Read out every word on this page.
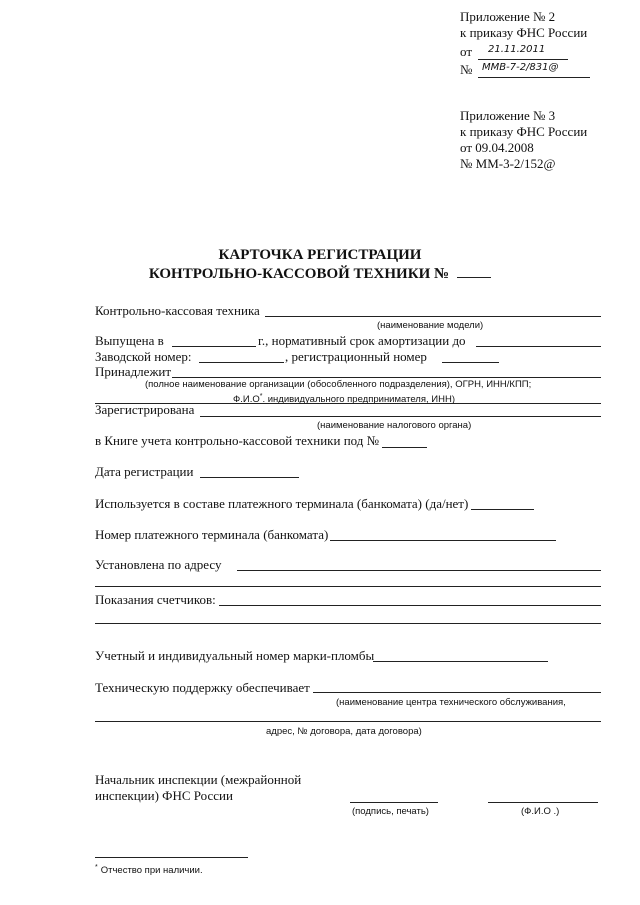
Приложение № 2
к приказу ФНС России
от 21.11.2011
№ ММВ-7-2/831@
Приложение № 3
к приказу ФНС России
от 09.04.2008
№ ММ-3-2/152@
КАРТОЧКА РЕГИСТРАЦИИ
КОНТРОЛЬНО-КАССОВОЙ ТЕХНИКИ №
Контрольно-кассовая техника
(наименование модели)
Выпущена в	г., нормативный срок амортизации до
Заводской номер:	, регистрационный номер
Принадлежит
(полное наименование организации (обособленного подразделения), ОГРН, ИНН/КПП;
Ф.И.О*. индивидуального предпринимателя, ИНН)
Зарегистрирована
(наименование налогового органа)
в Книге учета контрольно-кассовой техники под №
Дата регистрации
Используется в составе платежного терминала (банкомата) (да/нет)
Номер платежного терминала (банкомата)
Установлена по адресу
Показания счетчиков:
Учетный и индивидуальный номер марки-пломбы
Техническую поддержку обеспечивает
(наименование центра технического обслуживания,
адрес, № договора, дата договора)
Начальник инспекции (межрайонной
инспекции) ФНС России
(подпись, печать)	(Ф.И.О .)
* Отчество при наличии.
